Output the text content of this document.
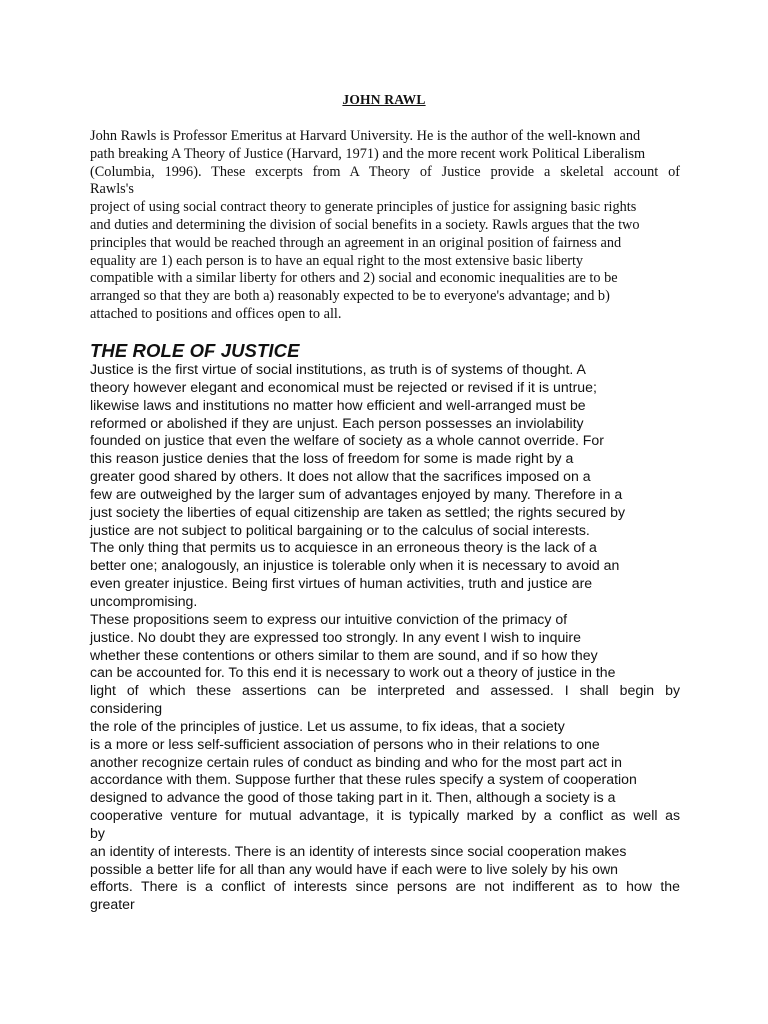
JOHN RAWL
John Rawls is Professor Emeritus at Harvard University. He is the author of the well-known and
path breaking A Theory of Justice (Harvard, 1971) and the more recent work Political Liberalism
(Columbia, 1996). These excerpts from A Theory of Justice provide a skeletal account of
Rawls's
project of using social contract theory to generate principles of justice for assigning basic rights
and duties and determining the division of social benefits in a society. Rawls argues that the two
principles that would be reached through an agreement in an original position of fairness and
equality are 1) each person is to have an equal right to the most extensive basic liberty
compatible with a similar liberty for others and 2) social and economic inequalities are to be
arranged so that they are both a) reasonably expected to be to everyone's advantage; and b)
attached to positions and offices open to all.
THE ROLE OF JUSTICE
Justice is the first virtue of social institutions, as truth is of systems of thought. A
theory however elegant and economical must be rejected or revised if it is untrue;
likewise laws and institutions no matter how efficient and well-arranged must be
reformed or abolished if they are unjust. Each person possesses an inviolability
founded on justice that even the welfare of society as a whole cannot override. For
this reason justice denies that the loss of freedom for some is made right by a
greater good shared by others. It does not allow that the sacrifices imposed on a
few are outweighed by the larger sum of advantages enjoyed by many. Therefore in a
just society the liberties of equal citizenship are taken as settled; the rights secured by
justice are not subject to political bargaining or to the calculus of social interests.
The only thing that permits us to acquiesce in an erroneous theory is the lack of a
better one; analogously, an injustice is tolerable only when it is necessary to avoid an
even greater injustice. Being first virtues of human activities, truth and justice are
uncompromising.
These propositions seem to express our intuitive conviction of the primacy of
justice. No doubt they are expressed too strongly. In any event I wish to inquire
whether these contentions or others similar to them are sound, and if so how they
can be accounted for. To this end it is necessary to work out a theory of justice in the
light of which these assertions can be interpreted and assessed. I shall begin by
considering
the role of the principles of justice. Let us assume, to fix ideas, that a society
is a more or less self-sufficient association of persons who in their relations to one
another recognize certain rules of conduct as binding and who for the most part act in
accordance with them. Suppose further that these rules specify a system of cooperation
designed to advance the good of those taking part in it. Then, although a society is a
cooperative venture for mutual advantage, it is typically marked by a conflict as well as
by
an identity of interests. There is an identity of interests since social cooperation makes
possible a better life for all than any would have if each were to live solely by his own
efforts. There is a conflict of interests since persons are not indifferent as to how the
greater
